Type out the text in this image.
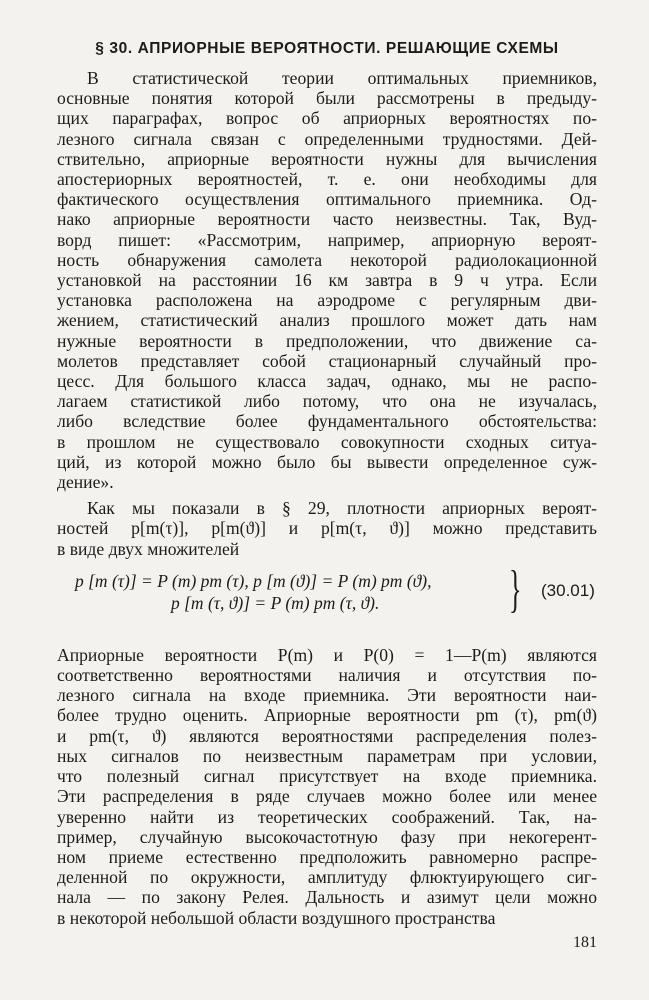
§ 30. АПРИОРНЫЕ ВЕРОЯТНОСТИ. РЕШАЮЩИЕ СХЕМЫ

В статистической теории оптимальных приемников,
основные понятия которой были рассмотрены в предыду-
щих параграфах, вопрос об априорных вероятностях по-
лезного сигнала связан с определенными трудностями. Дей-
ствительно, априорные вероятности нужны для вычисления
апостериорных вероятностей, т. е. они необходимы для
фактического осуществления оптимального приемника. Од-
нако априорные вероятности часто неизвестны. Так, Вуд-
ворд пишет: «Рассмотрим, например, априорную вероят-
ность обнаружения самолета некоторой радиолокационной
установкой на расстоянии 16 км завтра в 9 ч утра. Если
установка расположена на аэродроме с регулярным дви-
жением, статистический анализ прошлого может дать нам
нужные вероятности в предположении, что движение са-
молетов представляет собой стационарный случайный про-
цесс. Для большого класса задач, однако, мы не распо-
лагаем статистикой либо потому, что она не изучалась,
либо вследствие более фундаментального обстоятельства:
в прошлом не существовало совокупности сходных ситуа-
ций, из которой можно было бы вывести определенное суж-
дение».

Как мы показали в § 29, плотности априорных вероят-
ностей p[m(τ)], p[m(ϑ)] и p[m(τ, ϑ)] можно представить
в виде двух множителей

p [m (τ)] = P (m) pm (τ), p [m (ϑ)] = P (m) pm (ϑ),
p [m (τ, ϑ)] = P (m) pm (τ, ϑ). } (30.01)

Априорные вероятности P(m) и P(0) = 1—P(m) являются
соответственно вероятностями наличия и отсутствия по-
лезного сигнала на входе приемника. Эти вероятности наи-
более трудно оценить. Априорные вероятности pm (τ), pm(ϑ)
и pm(τ, ϑ) являются вероятностями распределения полез-
ных сигналов по неизвестным параметрам при условии,
что полезный сигнал присутствует на входе приемника.
Эти распределения в ряде случаев можно более или менее
уверенно найти из теоретических соображений. Так, на-
пример, случайную высокочастотную фазу при некогерент-
ном приеме естественно предположить равномерно распре-
деленной по окружности, амплитуду флюктуирующего сиг-
нала — по закону Релея. Дальность и азимут цели можно
в некоторой небольшой области воздушного пространства

181
